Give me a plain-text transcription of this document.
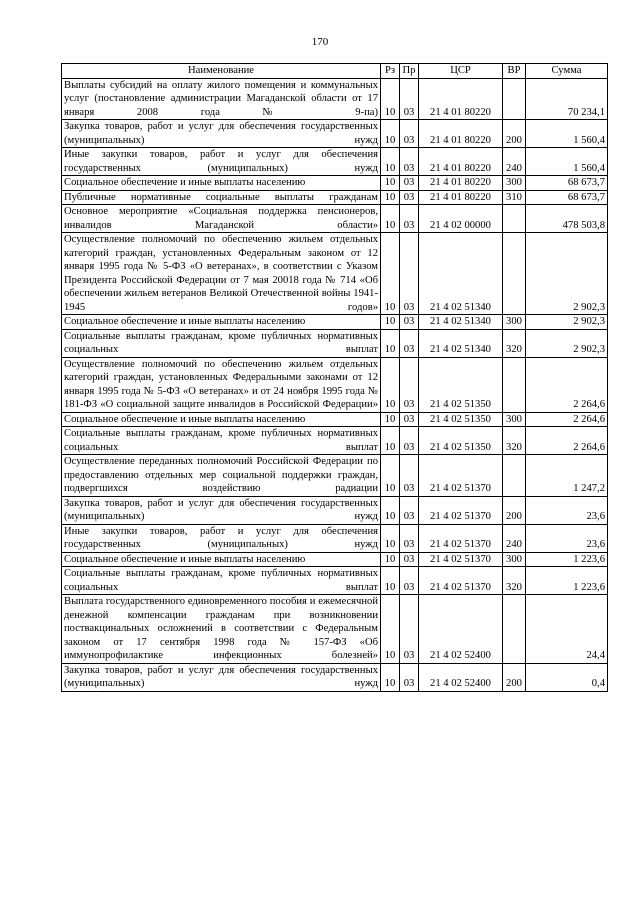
170
Наименование	Рз	Пр	ЦСР	ВР	Сумма
Выплаты субсидий на оплату жилого помещения и коммунальных услуг (постановление администрации Магаданской области от 17 января 2008 года № 9-па)	10	03	21 4 01 80220		70 234,1
Закупка товаров, работ и услуг для обеспечения государственных (муниципальных) нужд	10	03	21 4 01 80220	200	1 560,4
Иные закупки товаров, работ и услуг для обеспечения государственных (муниципальных) нужд	10	03	21 4 01 80220	240	1 560,4
Социальное обеспечение и иные выплаты населению	10	03	21 4 01 80220	300	68 673,7
Публичные нормативные социальные выплаты гражданам	10	03	21 4 01 80220	310	68 673,7
Основное мероприятие «Социальная поддержка пенсионеров, инвалидов Магаданской области»	10	03	21 4 02 00000		478 503,8
Осуществление полномочий по обеспечению жильем отдельных категорий граждан, установленных Федеральным законом от 12 января 1995 года № 5-ФЗ «О ветеранах», в соответствии с Указом Президента Российской Федерации от 7 мая 20018 года № 714 «Об обеспечении жильем ветеранов Великой Отечественной войны 1941-1945 годов»	10	03	21 4 02 51340		2 902,3
Социальное обеспечение и иные выплаты населению	10	03	21 4 02 51340	300	2 902,3
Социальные выплаты гражданам, кроме публичных нормативных социальных выплат	10	03	21 4 02 51340	320	2 902,3
Осуществление полномочий по обеспечению жильем отдельных категорий граждан, установленных Федеральными законами от 12 января 1995 года № 5-ФЗ «О ветеранах» и от 24 ноября 1995 года № 181-ФЗ «О социальной защите инвалидов в Российской Федерации»	10	03	21 4 02 51350		2 264,6
Социальное обеспечение и иные выплаты населению	10	03	21 4 02 51350	300	2 264,6
Социальные выплаты гражданам, кроме публичных нормативных социальных выплат	10	03	21 4 02 51350	320	2 264,6
Осуществление переданных полномочий Российской Федерации по предоставлению отдельных мер социальной поддержки граждан, подвергшихся воздействию радиации	10	03	21 4 02 51370		1 247,2
Закупка товаров, работ и услуг для обеспечения государственных (муниципальных) нужд	10	03	21 4 02 51370	200	23,6
Иные закупки товаров, работ и услуг для обеспечения государственных (муниципальных) нужд	10	03	21 4 02 51370	240	23,6
Социальное обеспечение и иные выплаты населению	10	03	21 4 02 51370	300	1 223,6
Социальные выплаты гражданам, кроме публичных нормативных социальных выплат	10	03	21 4 02 51370	320	1 223,6
Выплата государственного единовременного пособия и ежемесячной денежной компенсации гражданам при возникновении поствакцинальных осложнений в соответствии с Федеральным законом от 17 сентября 1998 года № 157-ФЗ «Об иммунопрофилактике инфекционных болезней»	10	03	21 4 02 52400		24,4
Закупка товаров, работ и услуг для обеспечения государственных (муниципальных) нужд	10	03	21 4 02 52400	200	0,4
